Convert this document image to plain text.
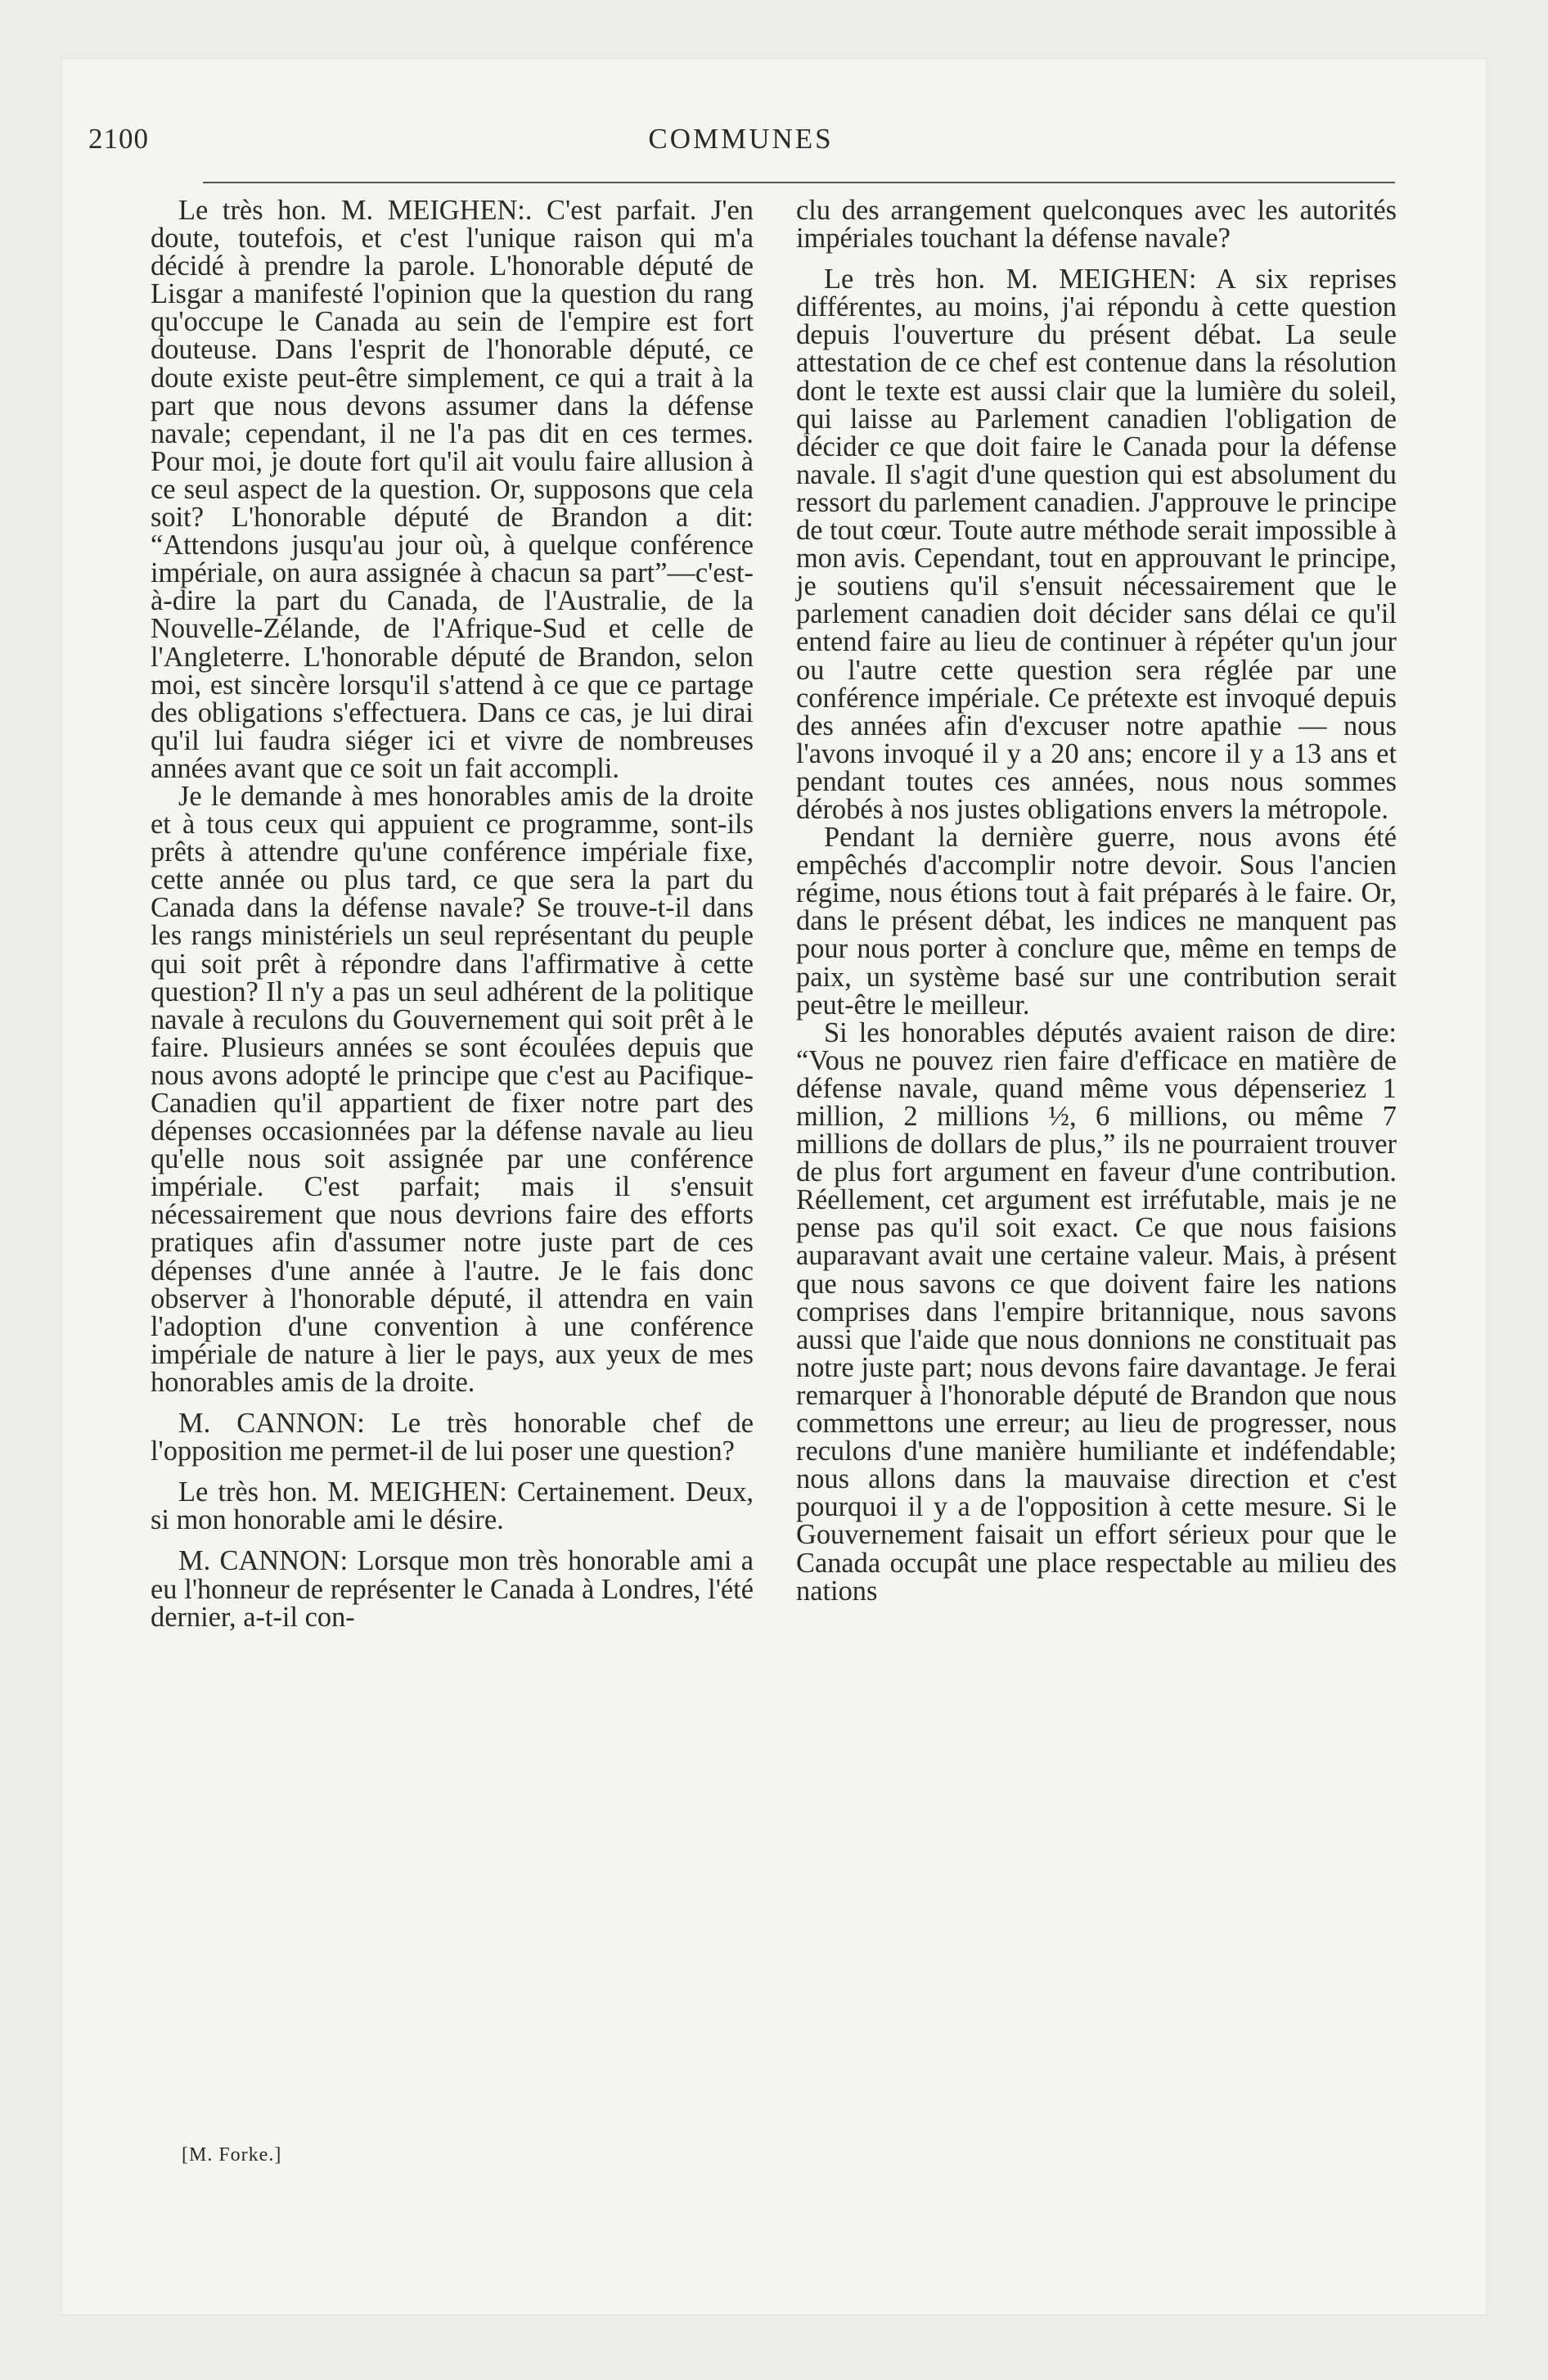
2100	COMMUNES

Le très hon. M. MEIGHEN:. C'est parfait. J'en doute, toutefois, et c'est l'unique raison qui m'a décidé à prendre la parole. L'honorable député de Lisgar a manifesté l'opinion que la question du rang qu'occupe le Canada au sein de l'empire est fort douteuse. Dans l'esprit de l'honorable député, ce doute existe peut-être simplement, ce qui a trait à la part que nous devons assumer dans la défense navale; cependant, il ne l'a pas dit en ces termes. Pour moi, je doute fort qu'il ait voulu faire allusion à ce seul aspect de la question. Or, supposons que cela soit? L'honorable député de Brandon a dit: “Attendons jusqu'au jour où, à quelque conférence impériale, on aura assignée à chacun sa part”—c'est-à-dire la part du Canada, de l'Australie, de la Nouvelle-Zélande, de l'Afrique-Sud et celle de l'Angleterre. L'honorable député de Brandon, selon moi, est sincère lorsqu'il s'attend à ce que ce partage des obligations s'effectuera. Dans ce cas, je lui dirai qu'il lui faudra siéger ici et vivre de nombreuses années avant que ce soit un fait accompli.

Je le demande à mes honorables amis de la droite et à tous ceux qui appuient ce programme, sont-ils prêts à attendre qu'une conférence impériale fixe, cette année ou plus tard, ce que sera la part du Canada dans la défense navale? Se trouve-t-il dans les rangs ministériels un seul représentant du peuple qui soit prêt à répondre dans l'affirmative à cette question? Il n'y a pas un seul adhérent de la politique navale à reculons du Gouvernement qui soit prêt à le faire. Plusieurs années se sont écoulées depuis que nous avons adopté le principe que c'est au Pacifique-Canadien qu'il appartient de fixer notre part des dépenses occasionnées par la défense navale au lieu qu'elle nous soit assignée par une conférence impériale. C'est parfait; mais il s'ensuit nécessairement que nous devrions faire des efforts pratiques afin d'assumer notre juste part de ces dépenses d'une année à l'autre. Je le fais donc observer à l'honorable député, il attendra en vain l'adoption d'une convention à une conférence impériale de nature à lier le pays, aux yeux de mes honorables amis de la droite.

M. CANNON: Le très honorable chef de l'opposition me permet-il de lui poser une question?

Le très hon. M. MEIGHEN: Certainement. Deux, si mon honorable ami le désire.

M. CANNON: Lorsque mon très honorable ami a eu l'honneur de représenter le Canada à Londres, l'été dernier, a-t-il con-

clu des arrangement quelconques avec les autorités impériales touchant la défense navale?

Le très hon. M. MEIGHEN: A six reprises différentes, au moins, j'ai répondu à cette question depuis l'ouverture du présent débat. La seule attestation de ce chef est contenue dans la résolution dont le texte est aussi clair que la lumière du soleil, qui laisse au Parlement canadien l'obligation de décider ce que doit faire le Canada pour la défense navale. Il s'agit d'une question qui est absolument du ressort du parlement canadien. J'approuve le principe de tout cœur. Toute autre méthode serait impossible à mon avis. Cependant, tout en approuvant le principe, je soutiens qu'il s'ensuit nécessairement que le parlement canadien doit décider sans délai ce qu'il entend faire au lieu de continuer à répéter qu'un jour ou l'autre cette question sera réglée par une conférence impériale. Ce prétexte est invoqué depuis des années afin d'excuser notre apathie — nous l'avons invoqué il y a 20 ans; encore il y a 13 ans et pendant toutes ces années, nous nous sommes dérobés à nos justes obligations envers la métropole.

Pendant la dernière guerre, nous avons été empêchés d'accomplir notre devoir. Sous l'ancien régime, nous étions tout à fait préparés à le faire. Or, dans le présent débat, les indices ne manquent pas pour nous porter à conclure que, même en temps de paix, un système basé sur une contribution serait peut-être le meilleur.

Si les honorables députés avaient raison de dire: “Vous ne pouvez rien faire d'efficace en matière de défense navale, quand même vous dépenseriez 1 million, 2 millions ½, 6 millions, ou même 7 millions de dollars de plus,” ils ne pourraient trouver de plus fort argument en faveur d'une contribution. Réellement, cet argument est irréfutable, mais je ne pense pas qu'il soit exact. Ce que nous faisions auparavant avait une certaine valeur. Mais, à présent que nous savons ce que doivent faire les nations comprises dans l'empire britannique, nous savons aussi que l'aide que nous donnions ne constituait pas notre juste part; nous devons faire davantage. Je ferai remarquer à l'honorable député de Brandon que nous commettons une erreur; au lieu de progresser, nous reculons d'une manière humiliante et indéfendable; nous allons dans la mauvaise direction et c'est pourquoi il y a de l'opposition à cette mesure. Si le Gouvernement faisait un effort sérieux pour que le Canada occupât une place respectable au milieu des nations

[M. Forke.]
